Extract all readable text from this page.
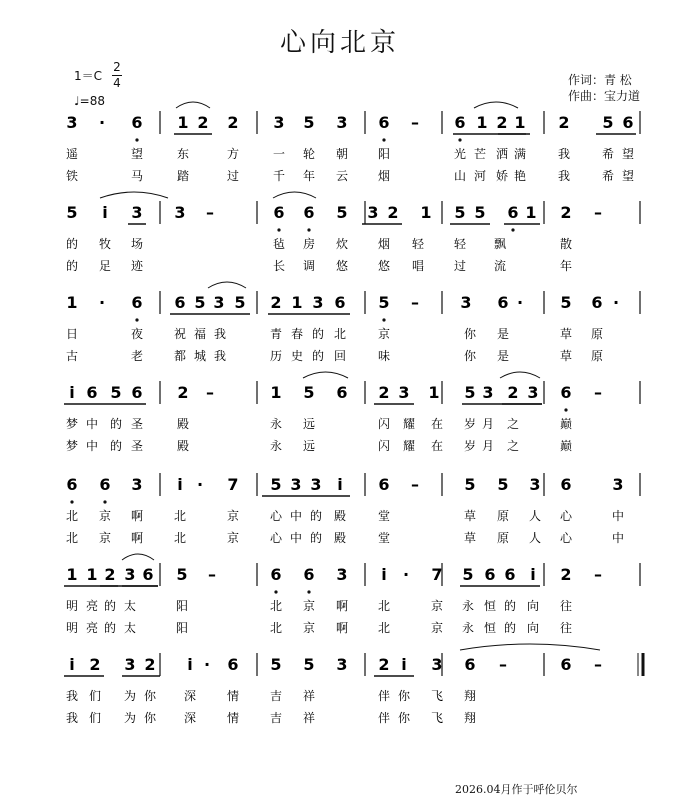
心向北京
1＝C
2
4
♩=88
作词：青 松
作曲：宝力道
3 · 6 1 2 2 3 5 3 6 – 6 1 2 1 2 5 6
遥	望	东	方	一 轮 朝 阳	光 芒 洒 满	我	希 望
铁	马	踏	过	千 年 云 烟	山 河 娇 艳	我	希 望
5 i 3 3 –	6 6 5 3 2 1 5 5 6 1 2 –
的 牧 场	毡 房 炊 烟 轻 轻 飘	散
的 足 迹	长 调 悠 悠 唱 过 流	年
1 · 6 6 5 3 5 2 1 3 6 5 –	3 6 · 5 6 ·
日	夜	祝 福 我	青 春 的 北	京	你 是	草 原
古	老	都 城 我	历 史 的 回	味	你 是	草 原
i 6 5 6 2 –	1 5 6 2 3 1 5 3 2 3 6 –
梦 中 的 圣	殿	永 远	闪 耀 在 岁 月 之	巅
梦 中 的 圣	殿	永 远	闪 耀 在 岁 月 之	巅
6 6 3 i · 7 5 3 3 i 6 –	5 5 3 6	3
北 京 啊	北	京	心 中 的 殿	堂	草 原 人 心	中
北 京 啊	北	京	心 中 的 殿	堂	草 原 人 心	中
1 1 2 3 6 5 –	6 6 3 i · 7 5 6 6 i 2 –
明 亮 的 太	阳	北 京 啊 北	京 永 恒 的 向 往
明 亮 的 太	阳	北 京 啊 北	京 永 恒 的 向 往
i 2 3 2 i · 6 5 5 3 2 i 3 6 –	6 –
我 们 为 你 深	情	吉 祥	伴 你 飞 翔
我 们 为 你 深	情	吉 祥	伴 你 飞 翔
2026.04月作于呼伦贝尔
